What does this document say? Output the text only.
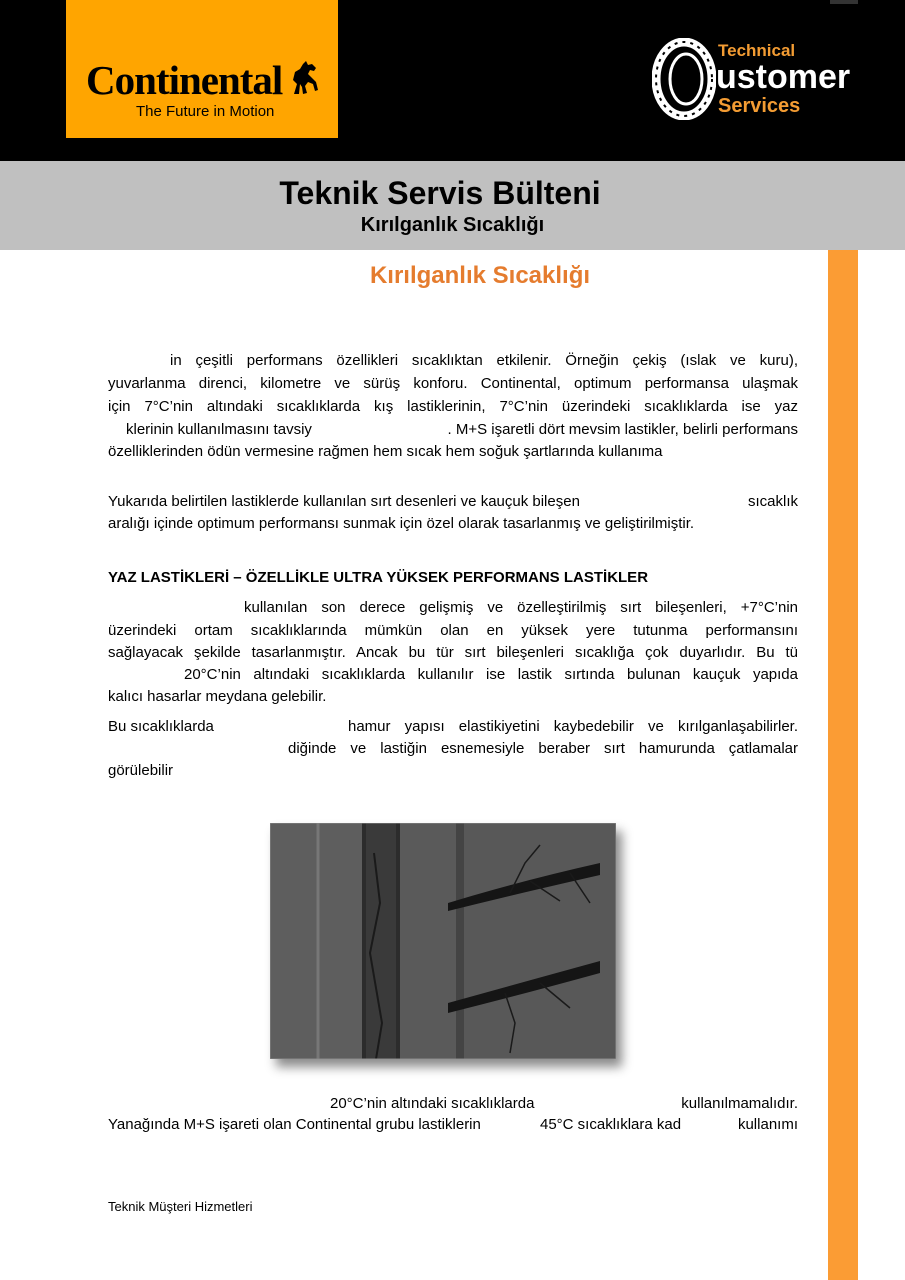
Continental
The Future in Motion
Technical
ustomer
Services
Teknik Servis Bülteni
Kırılganlık Sıcaklığı
Kırılganlık Sıcaklığı
in çeşitli performans özellikleri sıcaklıktan etkilenir. Örneğin çekiş (ıslak ve kuru),
yuvarlanma direnci, kilometre ve sürüş konforu. Continental, optimum performansa ulaşmak
için 7°C’nin altındaki sıcaklıklarda kış lastiklerinin, 7°C’nin üzerindeki sıcaklıklarda ise yaz
klerinin kullanılmasını tavsiy	. M+S işaretli dört mevsim lastikler, belirli performans
özelliklerinden ödün vermesine rağmen hem sıcak hem soğuk şartlarında kullanıma
Yukarıda belirtilen lastiklerde kullanılan sırt desenleri ve kauçuk bileşen	sıcaklık
aralığı içinde optimum performansı sunmak için özel olarak tasarlanmış ve geliştirilmiştir.
YAZ LASTİKLERİ – ÖZELLİKLE ULTRA YÜKSEK PERFORMANS LASTİKLER
kullanılan son derece gelişmiş ve özelleştirilmiş sırt bileşenleri, +7°C’nin
üzerindeki ortam sıcaklıklarında mümkün olan en yüksek yere tutunma performansını
sağlayacak şekilde tasarlanmıştır. Ancak bu tür sırt bileşenleri sıcaklığa çok duyarlıdır. Bu tü
20°C’nin altındaki sıcaklıklarda kullanılır ise lastik sırtında bulunan kauçuk yapıda
kalıcı hasarlar meydana gelebilir.
Bu sıcaklıklarda	hamur yapısı elastikiyetini kaybedebilir ve kırılganlaşabilirler.
diğinde ve lastiğin esnemesiyle beraber sırt hamurunda çatlamalar
görülebilir
20°C’nin altındaki sıcaklıklarda	kullanılmamalıdır.
Yanağında M+S işareti olan Continental grubu lastiklerin	45°C sıcaklıklara kad	kullanımı
Teknik Müşteri Hizmetleri
